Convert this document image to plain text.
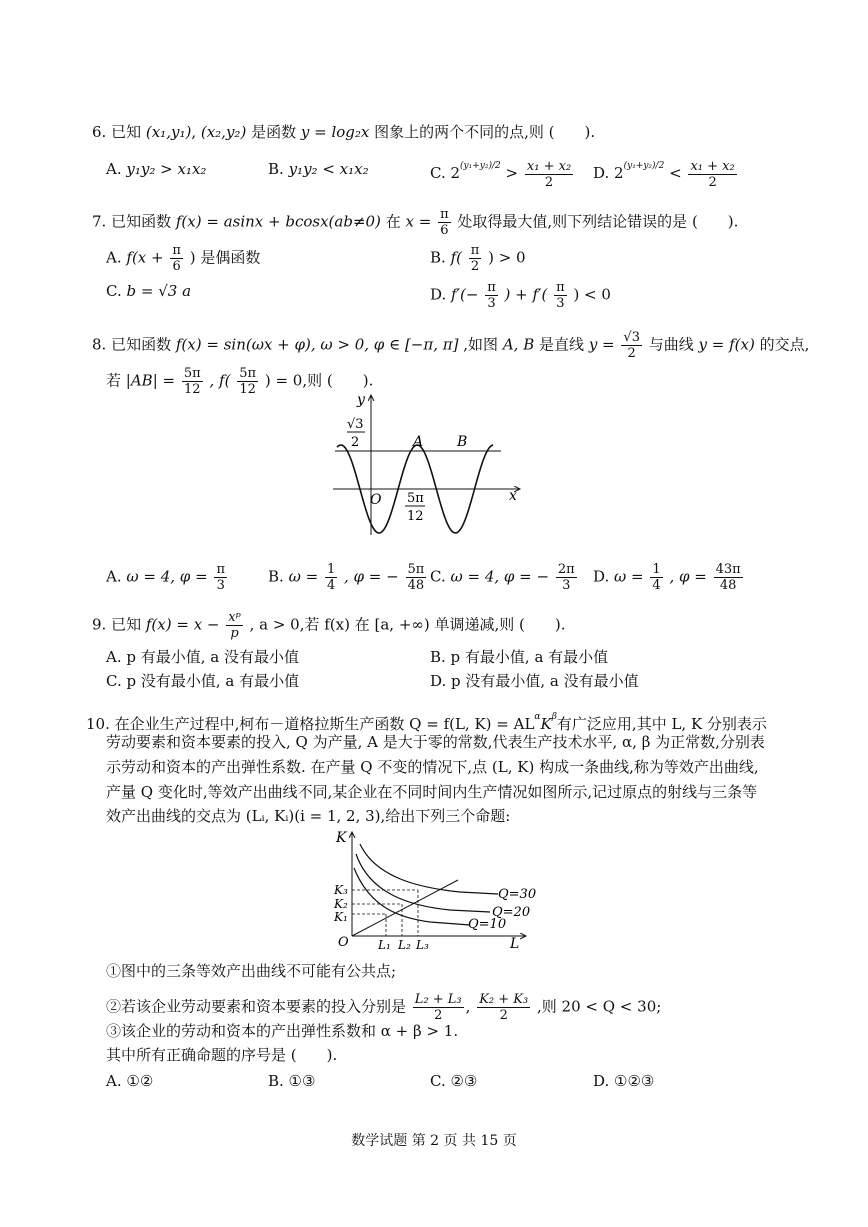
6. 已知 (x₁,y₁), (x₂,y₂) 是函数 y = log₂x 图象上的两个不同的点,则 (　　).
A. y₁y₂ > x₁x₂	B. y₁y₂ < x₁x₂	C. $2^{(y_1+y_2)/2} > \frac{\text{x₁ + x₂}}{2} D$. $2^{(y_1+y_2)/2} < \frac{\text{x₁ + x₂}}{2}$
7. 已知函数 f(x) = asinx + bcosx(ab≠0) 在 $x = \frac{\pi}{6}$ 处取得最大值,则下列结论错误的是 (　　).
A. $f(x + \frac{\pi}{6}$ ) 是偶函数	B. $f( \frac{\pi}{2}$ ) > 0
C. b = √3 a	D. $f'(- \frac{\pi}{3}$ ) + $f'( \frac{\pi}{3}$ ) < 0
8. 已知函数 f(x) = sin(ωx + φ), ω > 0, φ ∈ [−π, π] ,如图 A, B 是直线 $y = \frac{√3}{2}$ 与曲线 y = f(x) 的交点,
若 $|AB| = \frac{5\pi}{12}$ , $f( \frac{5\pi}{12}$ ) = 0,则 (　　).
y
x
O
A B
√3
2
5π
12
A. ω = 4, $\varphi = \frac{\pi}{3}$	B. $\omega = \frac{1}{4}$ , φ = − $\frac{5\pi}{48} C$. ω = 4, φ = − $\frac{2\pi}{3} D$. $\omega = \frac{1}{4}$ , $\varphi = \frac{43\pi}{48}$
9. 已知 $f(x) = x - \frac{\text{xᵖ}}{p}$ , a > 0,若 f(x) 在 [a, +∞) 单调递减,则 (　　).
A. p 有最小值, a 没有最小值	B. p 有最小值, a 有最小值
C. p 没有最小值, a 有最小值	D. p 没有最小值, a 没有最小值
10. 在企业生产过程中,柯布－道格拉斯生产函数 Q = f(L, $K) = AL^\alpha K^\beta$有广泛应用,其中 L, K 分别表示
劳动要素和资本要素的投入, Q 为产量, A 是大于零的常数,代表生产技术水平, α, β 为正常数,分别表
示劳动和资本的产出弹性系数. 在产量 Q 不变的情况下,点 (L, K) 构成一条曲线,称为等效产出曲线,
产量 Q 变化时,等效产出曲线不同,某企业在不同时间内生产情况如图所示,记过原点的射线与三条等
效产出曲线的交点为 (Lᵢ, Kᵢ)(i = 1, 2, 3),给出下列三个命题:
K
L
O
K₃
K₂
K₁
L₁ L₂ L₃
Q=30
Q=20
Q=10
①图中的三条等效产出曲线不可能有公共点;
②若该企业劳动要素和资本要素的投入分别是 $\frac{\text{L₂ + L₃}}{2}$ , $\frac{\text{K₂ + K₃}}{2}$ ,则 20 < Q < 30;
③该企业的劳动和资本的产出弹性系数和 α + β > 1.
其中所有正确命题的序号是 (　　).
A. ①②	B. ①③	C. ②③	D. ①②③
数学试题 第 2 页 共 15 页
